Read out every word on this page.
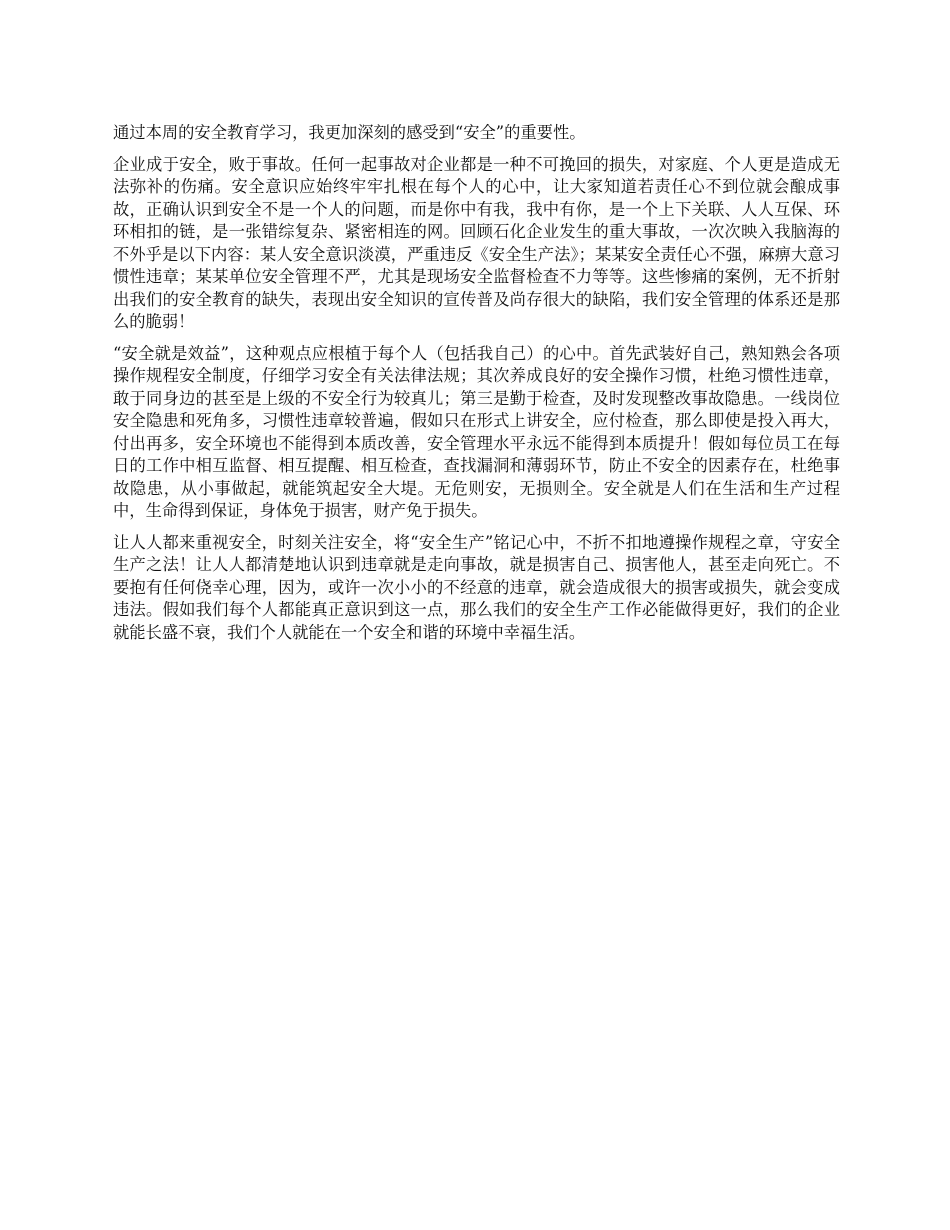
通过本周的安全教育学习，我更加深刻的感受到“安全”的重要性。

企业成于安全，败于事故。任何一起事故对企业都是一种不可挽回的损失，对家庭、个人更是造成无法弥补的伤痛。安全意识应始终牢牢扎根在每个人的心中，让大家知道若责任心不到位就会酿成事故，正确认识到安全不是一个人的问题，而是你中有我，我中有你，是一个上下关联、人人互保、环环相扣的链，是一张错综复杂、紧密相连的网。回顾石化企业发生的重大事故，一次次映入我脑海的不外乎是以下内容：某人安全意识淡漠，严重违反《安全生产法》；某某安全责任心不强，麻痹大意习惯性违章；某某单位安全管理不严，尤其是现场安全监督检查不力等等。这些惨痛的案例，无不折射出我们的安全教育的缺失，表现出安全知识的宣传普及尚存很大的缺陷，我们安全管理的体系还是那么的脆弱！

“安全就是效益”，这种观点应根植于每个人（包括我自己）的心中。首先武装好自己，熟知熟会各项操作规程安全制度，仔细学习安全有关法律法规；其次养成良好的安全操作习惯，杜绝习惯性违章，敢于同身边的甚至是上级的不安全行为较真儿；第三是勤于检查，及时发现整改事故隐患。一线岗位安全隐患和死角多，习惯性违章较普遍，假如只在形式上讲安全，应付检查，那么即使是投入再大，付出再多，安全环境也不能得到本质改善，安全管理水平永远不能得到本质提升！假如每位员工在每日的工作中相互监督、相互提醒、相互检查，查找漏洞和薄弱环节，防止不安全的因素存在，杜绝事故隐患，从小事做起，就能筑起安全大堤。无危则安，无损则全。安全就是人们在生活和生产过程中，生命得到保证，身体免于损害，财产免于损失。

让人人都来重视安全，时刻关注安全，将“安全生产”铭记心中，不折不扣地遵操作规程之章，守安全生产之法！让人人都清楚地认识到违章就是走向事故，就是损害自己、损害他人，甚至走向死亡。不要抱有任何侥幸心理，因为，或许一次小小的不经意的违章，就会造成很大的损害或损失，就会变成违法。假如我们每个人都能真正意识到这一点，那么我们的安全生产工作必能做得更好，我们的企业就能长盛不衰，我们个人就能在一个安全和谐的环境中幸福生活。
